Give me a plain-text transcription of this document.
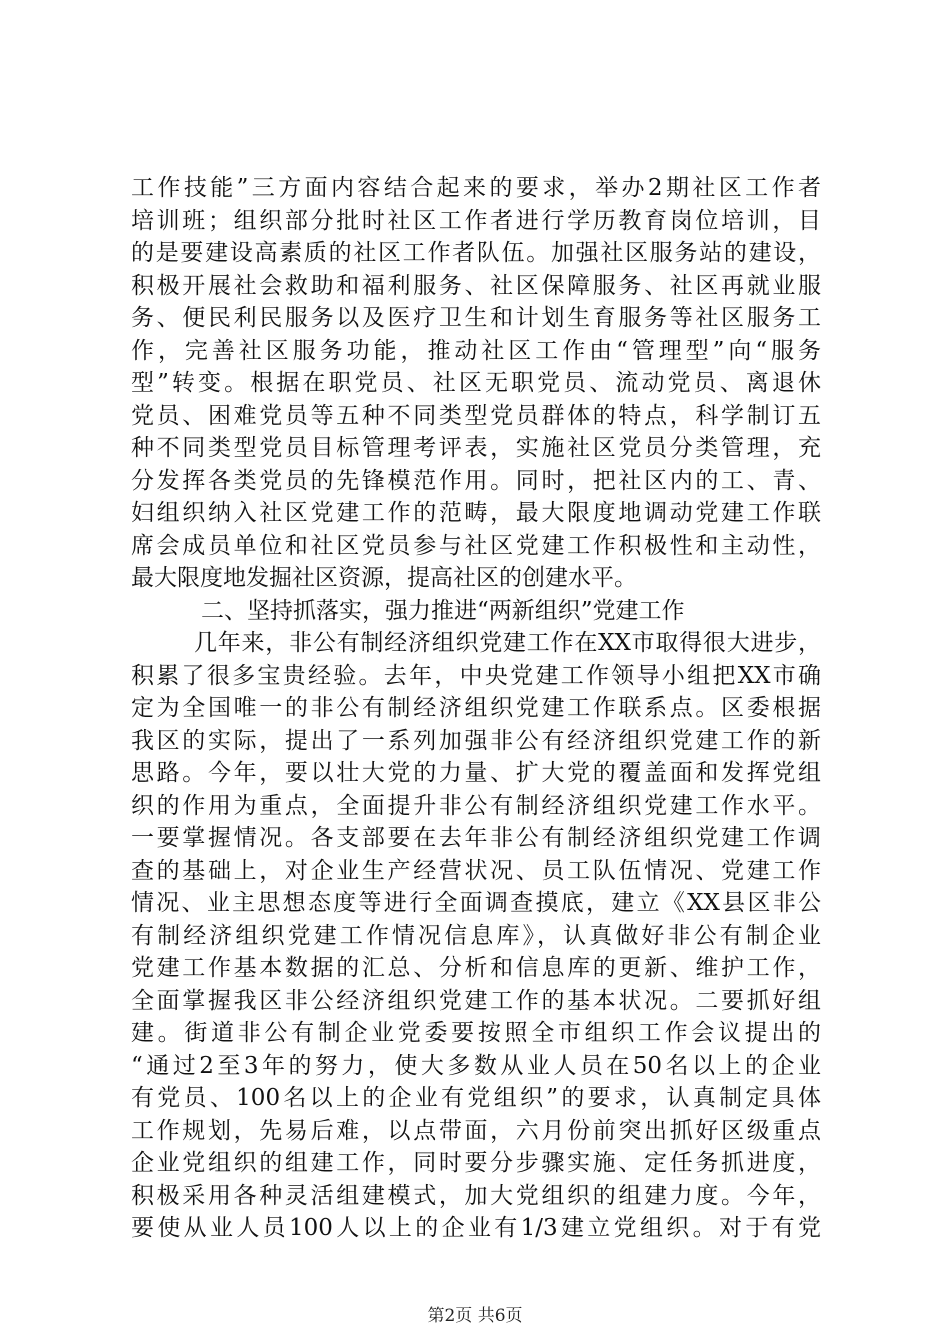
工作技能”三方面内容结合起来的要求，举办2期社区工作者
培训班；组织部分批时社区工作者进行学历教育岗位培训，目
的是要建设高素质的社区工作者队伍。加强社区服务站的建设，
积极开展社会救助和福利服务、社区保障服务、社区再就业服
务、便民利民服务以及医疗卫生和计划生育服务等社区服务工
作，完善社区服务功能，推动社区工作由“管理型”向“服务
型”转变。根据在职党员、社区无职党员、流动党员、离退休
党员、困难党员等五种不同类型党员群体的特点，科学制订五
种不同类型党员目标管理考评表，实施社区党员分类管理，充
分发挥各类党员的先锋模范作用。同时，把社区内的工、青、
妇组织纳入社区党建工作的范畴，最大限度地调动党建工作联
席会成员单位和社区党员参与社区党建工作积极性和主动性，
最大限度地发掘社区资源，提高社区的创建水平。
二、坚持抓落实，强力推进“两新组织”党建工作
几年来，非公有制经济组织党建工作在XX市取得很大进步，
积累了很多宝贵经验。去年，中央党建工作领导小组把XX市确
定为全国唯一的非公有制经济组织党建工作联系点。区委根据
我区的实际，提出了一系列加强非公有经济组织党建工作的新
思路。今年，要以壮大党的力量、扩大党的覆盖面和发挥党组
织的作用为重点，全面提升非公有制经济组织党建工作水平。
一要掌握情况。各支部要在去年非公有制经济组织党建工作调
查的基础上，对企业生产经营状况、员工队伍情况、党建工作
情况、业主思想态度等进行全面调查摸底，建立《XX县区非公
有制经济组织党建工作情况信息库》，认真做好非公有制企业
党建工作基本数据的汇总、分析和信息库的更新、维护工作，
全面掌握我区非公经济组织党建工作的基本状况。二要抓好组
建。街道非公有制企业党委要按照全市组织工作会议提出的
“通过2至3年的努力，使大多数从业人员在50名以上的企业
有党员、100名以上的企业有党组织”的要求，认真制定具体
工作规划，先易后难，以点带面，六月份前突出抓好区级重点
企业党组织的组建工作，同时要分步骤实施、定任务抓进度，
积极采用各种灵活组建模式，加大党组织的组建力度。今年，
要使从业人员100人以上的企业有1/3建立党组织。对于有党
第2页 共6页
